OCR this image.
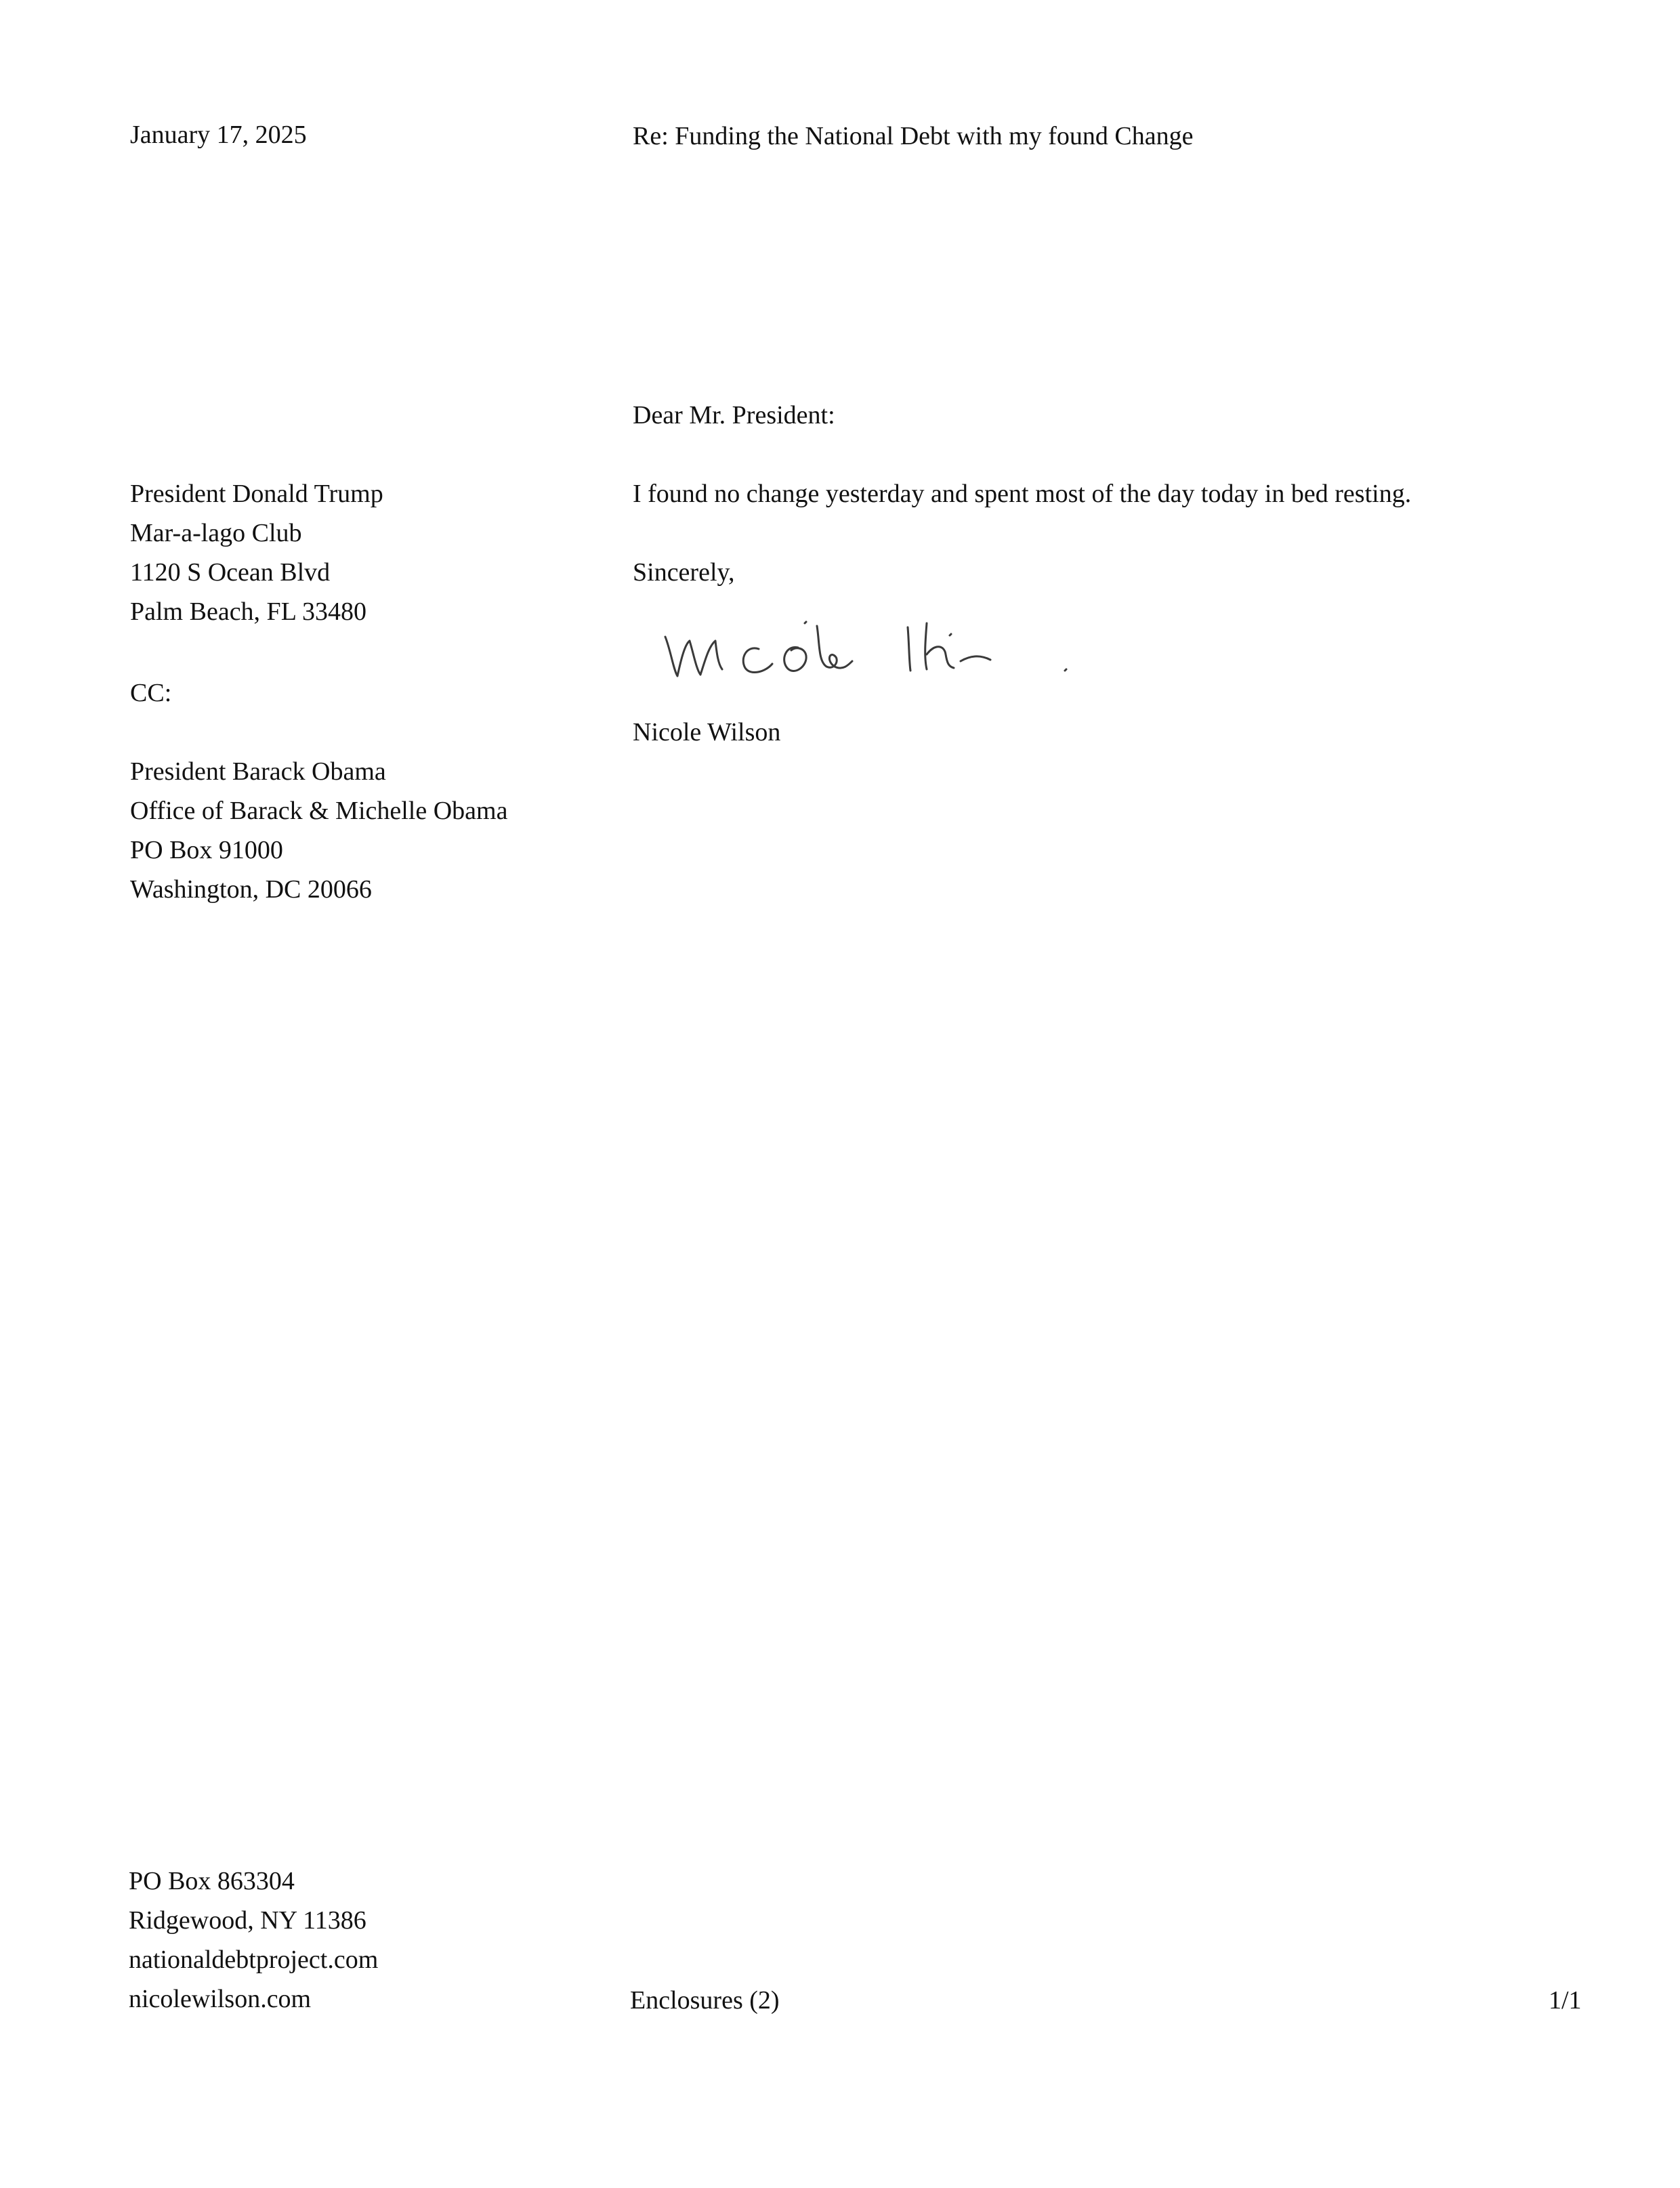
January 17, 2025	Re: Funding the National Debt with my found Change
Dear Mr. President:
President Donald Trump
Mar-a-lago Club
1120 S Ocean Blvd
Palm Beach, FL 33480
I found no change yesterday and spent most of the day today in bed resting.
Sincerely,
Nicole Wilson
CC:
President Barack Obama
Office of Barack & Michelle Obama
PO Box 91000
Washington, DC 20066
PO Box 863304
Ridgewood, NY 11386
nationaldebtproject.com
nicolewilson.com	Enclosures (2)	1/1
